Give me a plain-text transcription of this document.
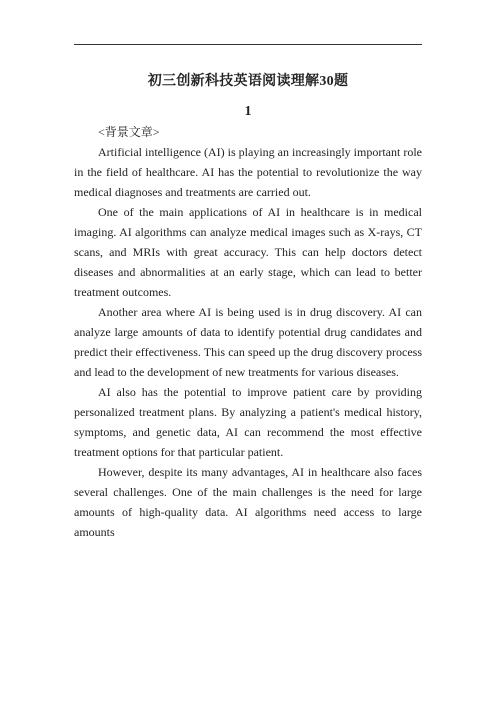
初三创新科技英语阅读理解30题
1

<背景文章>

Artificial intelligence (AI) is playing an increasingly important role in the field of healthcare. AI has the potential to revolutionize the way medical diagnoses and treatments are carried out.

One of the main applications of AI in healthcare is in medical imaging. AI algorithms can analyze medical images such as X-rays, CT scans, and MRIs with great accuracy. This can help doctors detect diseases and abnormalities at an early stage, which can lead to better treatment outcomes.

Another area where AI is being used is in drug discovery. AI can analyze large amounts of data to identify potential drug candidates and predict their effectiveness. This can speed up the drug discovery process and lead to the development of new treatments for various diseases.

AI also has the potential to improve patient care by providing personalized treatment plans. By analyzing a patient's medical history, symptoms, and genetic data, AI can recommend the most effective treatment options for that particular patient.

However, despite its many advantages, AI in healthcare also faces several challenges. One of the main challenges is the need for large amounts of high-quality data. AI algorithms need access to large amounts
